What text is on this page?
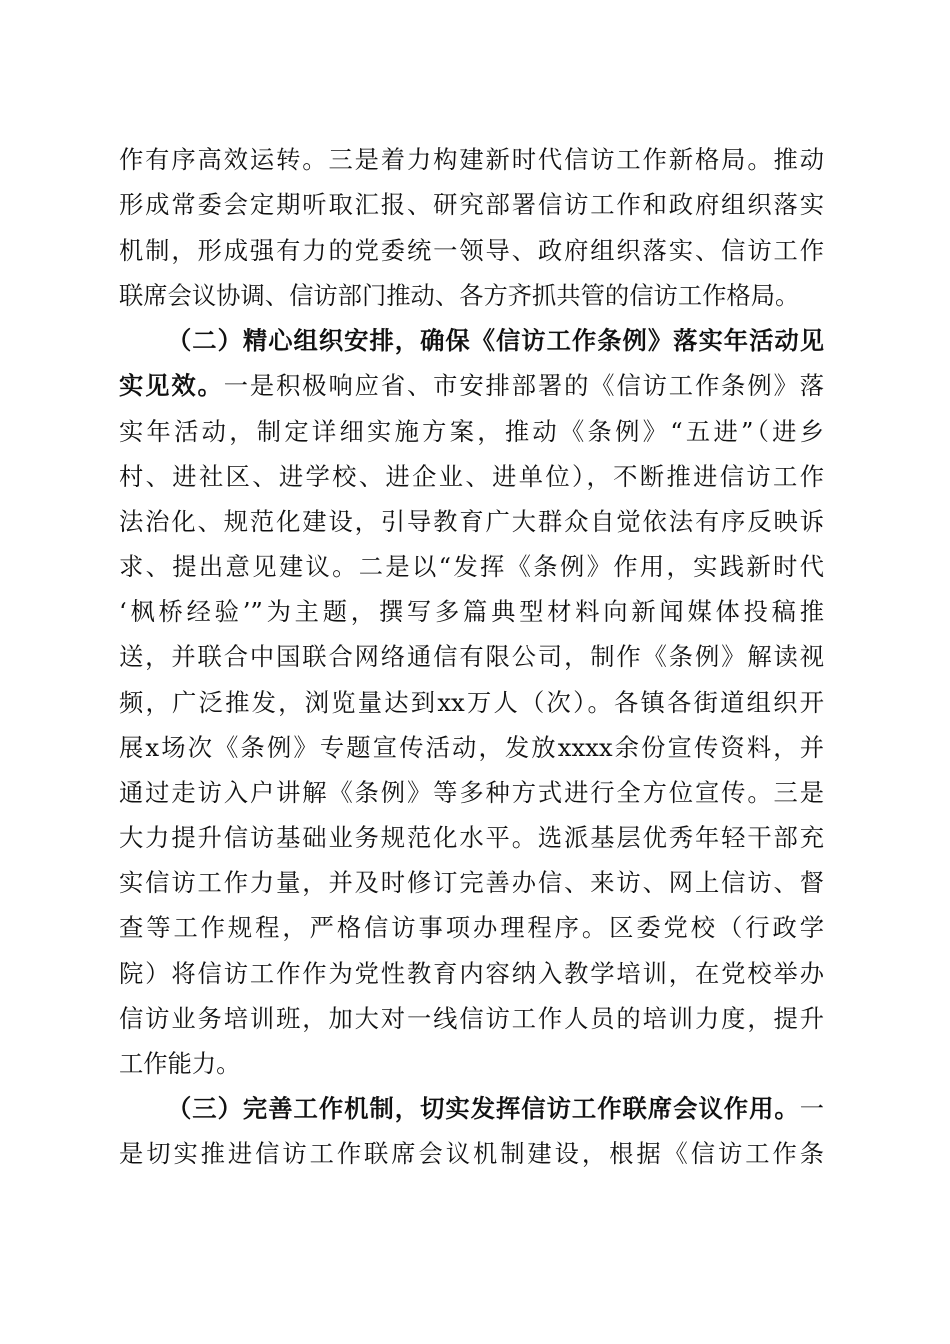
作有序高效运转。三是着力构建新时代信访工作新格局。推动
形成常委会定期听取汇报、研究部署信访工作和政府组织落实
机制，形成强有力的党委统一领导、政府组织落实、信访工作
联席会议协调、信访部门推动、各方齐抓共管的信访工作格局。
（二）精心组织安排，确保《信访工作条例》落实年活动见
实见效。一是积极响应省、市安排部署的《信访工作条例》落
实年活动，制定详细实施方案，推动《条例》“五进”（进乡
村、进社区、进学校、进企业、进单位），不断推进信访工作
法治化、规范化建设，引导教育广大群众自觉依法有序反映诉
求、提出意见建议。二是以“发挥《条例》作用，实践新时代
‘枫桥经验’”为主题，撰写多篇典型材料向新闻媒体投稿推
送，并联合中国联合网络通信有限公司，制作《条例》解读视
频，广泛推发，浏览量达到xx万人（次）。各镇各街道组织开
展x场次《条例》专题宣传活动，发放xxxx余份宣传资料，并
通过走访入户讲解《条例》等多种方式进行全方位宣传。三是
大力提升信访基础业务规范化水平。选派基层优秀年轻干部充
实信访工作力量，并及时修订完善办信、来访、网上信访、督
查等工作规程，严格信访事项办理程序。区委党校（行政学
院）将信访工作作为党性教育内容纳入教学培训，在党校举办
信访业务培训班，加大对一线信访工作人员的培训力度，提升
工作能力。
（三）完善工作机制，切实发挥信访工作联席会议作用。一
是切实推进信访工作联席会议机制建设，根据《信访工作条
